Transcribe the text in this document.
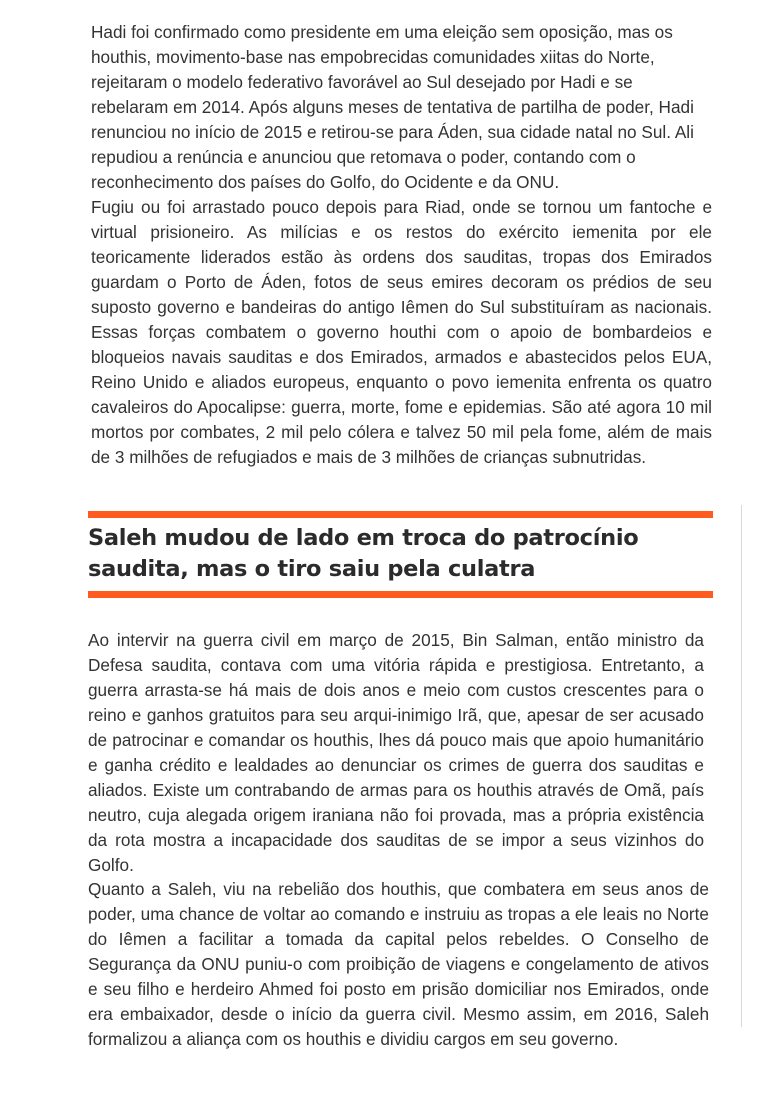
Hadi foi confirmado como presidente em uma eleição sem oposição, mas os houthis, movimento-base nas empobrecidas comunidades xiitas do Norte, rejeitaram o modelo federativo favorável ao Sul desejado por Hadi e se rebelaram em 2014. Após alguns meses de tentativa de partilha de poder, Hadi renunciou no início de 2015 e retirou-se para Áden, sua cidade natal no Sul. Ali repudiou a renúncia e anunciou que retomava o poder, contando com o reconhecimento dos países do Golfo, do Ocidente e da ONU.

Fugiu ou foi arrastado pouco depois para Riad, onde se tornou um fantoche e virtual prisioneiro. As milícias e os restos do exército iemenita por ele teoricamente liderados estão às ordens dos sauditas, tropas dos Emirados guardam o Porto de Áden, fotos de seus emires decoram os prédios de seu suposto governo e bandeiras do antigo Iêmen do Sul substituíram as nacionais. Essas forças combatem o governo houthi com o apoio de bombardeios e bloqueios navais sauditas e dos Emirados, armados e abastecidos pelos EUA, Reino Unido e aliados europeus, enquanto o povo iemenita enfrenta os quatro cavaleiros do Apocalipse: guerra, morte, fome e epidemias. São até agora 10 mil mortos por combates, 2 mil pelo cólera e talvez 50 mil pela fome, além de mais de 3 milhões de refugiados e mais de 3 milhões de crianças subnutridas.

Saleh mudou de lado em troca do patrocínio saudita, mas o tiro saiu pela culatra

Ao intervir na guerra civil em março de 2015, Bin Salman, então ministro da Defesa saudita, contava com uma vitória rápida e prestigiosa. Entretanto, a guerra arrasta-se há mais de dois anos e meio com custos crescentes para o reino e ganhos gratuitos para seu arqui-inimigo Irã, que, apesar de ser acusado de patrocinar e comandar os houthis, lhes dá pouco mais que apoio humanitário e ganha crédito e lealdades ao denunciar os crimes de guerra dos sauditas e aliados. Existe um contrabando de armas para os houthis através de Omã, país neutro, cuja alegada origem iraniana não foi provada, mas a própria existência da rota mostra a incapacidade dos sauditas de se impor a seus vizinhos do Golfo.

Quanto a Saleh, viu na rebelião dos houthis, que combatera em seus anos de poder, uma chance de voltar ao comando e instruiu as tropas a ele leais no Norte do Iêmen a facilitar a tomada da capital pelos rebeldes. O Conselho de Segurança da ONU puniu-o com proibição de viagens e congelamento de ativos e seu filho e herdeiro Ahmed foi posto em prisão domiciliar nos Emirados, onde era embaixador, desde o início da guerra civil. Mesmo assim, em 2016, Saleh formalizou a aliança com os houthis e dividiu cargos em seu governo.
